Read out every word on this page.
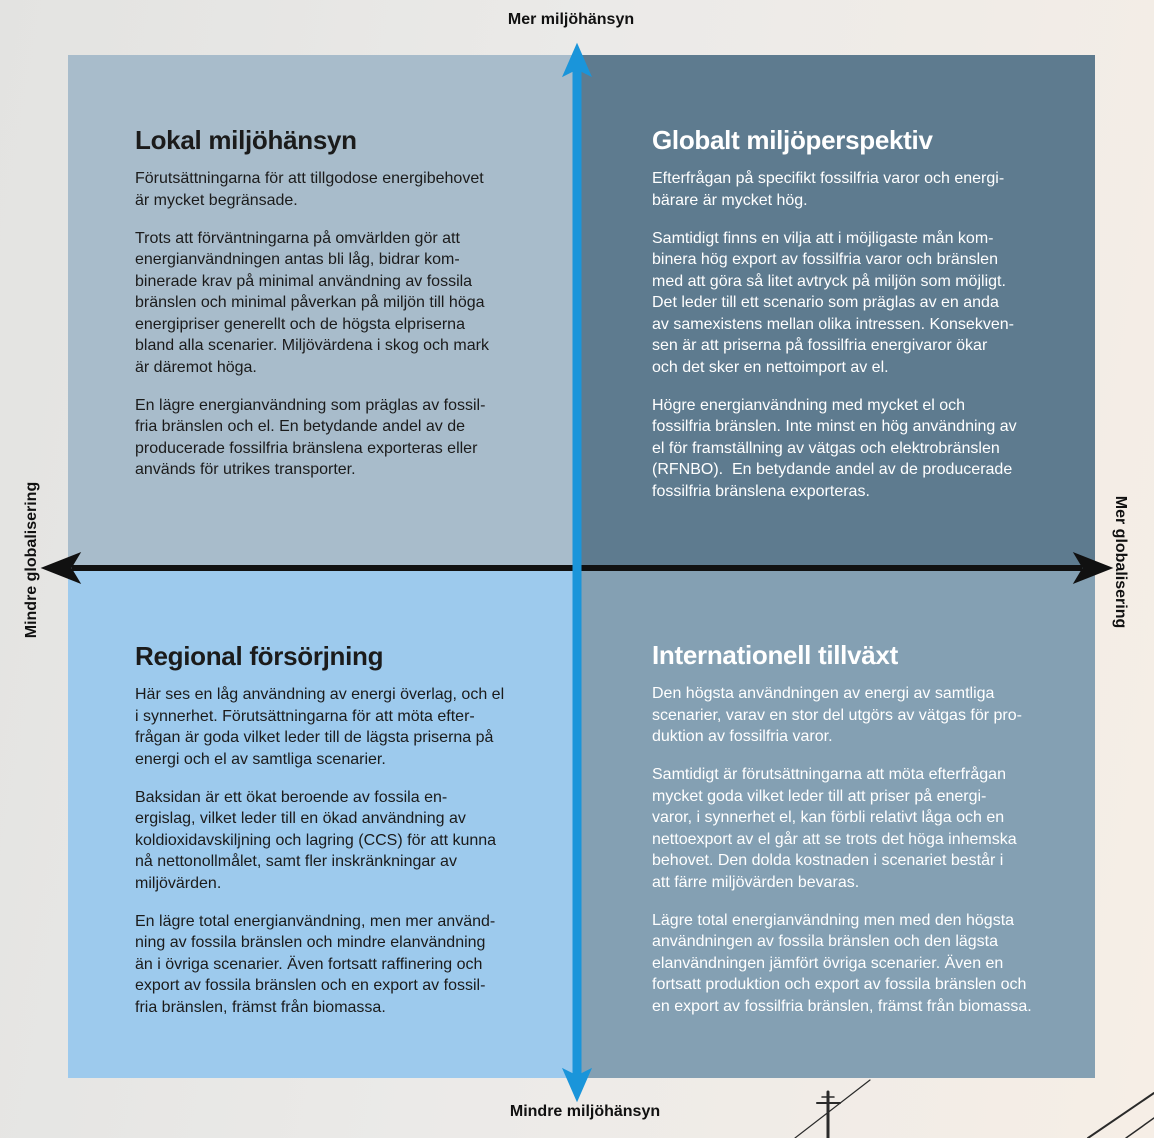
Lokal miljöhänsyn

Förutsättningarna för att tillgodose energibehovet
är mycket begränsade.

Trots att förväntningarna på omvärlden gör att
energianvändningen antas bli låg, bidrar kom-
binerade krav på minimal användning av fossila
bränslen och minimal påverkan på miljön till höga
energipriser generellt och de högsta elpriserna
bland alla scenarier. Miljövärdena i skog och mark
är däremot höga.

En lägre energianvändning som präglas av fossil-
fria bränslen och el. En betydande andel av de
producerade fossilfria bränslena exporteras eller
används för utrikes transporter.

Globalt miljöperspektiv

Efterfrågan på specifikt fossilfria varor och energi-
bärare är mycket hög.

Samtidigt finns en vilja att i möjligaste mån kom-
binera hög export av fossilfria varor och bränslen
med att göra så litet avtryck på miljön som möjligt.
Det leder till ett scenario som präglas av en anda
av samexistens mellan olika intressen. Konsekven-
sen är att priserna på fossilfria energivaror ökar
och det sker en nettoimport av el.

Högre energianvändning med mycket el och
fossilfria bränslen. Inte minst en hög användning av
el för framställning av vätgas och elektrobränslen
(RFNBO).  En betydande andel av de producerade
fossilfria bränslena exporteras.

Regional försörjning

Här ses en låg användning av energi överlag, och el
i synnerhet. Förutsättningarna för att möta efter-
frågan är goda vilket leder till de lägsta priserna på
energi och el av samtliga scenarier.

Baksidan är ett ökat beroende av fossila en-
ergislag, vilket leder till en ökad användning av
koldioxidavskiljning och lagring (CCS) för att kunna
nå nettonollmålet, samt fler inskränkningar av
miljövärden.

En lägre total energianvändning, men mer använd-
ning av fossila bränslen och mindre elanvändning
än i övriga scenarier. Även fortsatt raffinering och
export av fossila bränslen och en export av fossil-
fria bränslen, främst från biomassa.

Internationell tillväxt

Den högsta användningen av energi av samtliga
scenarier, varav en stor del utgörs av vätgas för pro-
duktion av fossilfria varor.

Samtidigt är förutsättningarna att möta efterfrågan
mycket goda vilket leder till att priser på energi-
varor, i synnerhet el, kan förbli relativt låga och en
nettoexport av el går att se trots det höga inhemska
behovet. Den dolda kostnaden i scenariet består i
att färre miljövärden bevaras.

Lägre total energianvändning men med den högsta
användningen av fossila bränslen och den lägsta
elanvändningen jämfört övriga scenarier. Även en
fortsatt produktion och export av fossila bränslen och
en export av fossilfria bränslen, främst från biomassa.

Mer miljöhänsyn
Mindre miljöhänsyn
Mindre globalisering	Mer globalisering
